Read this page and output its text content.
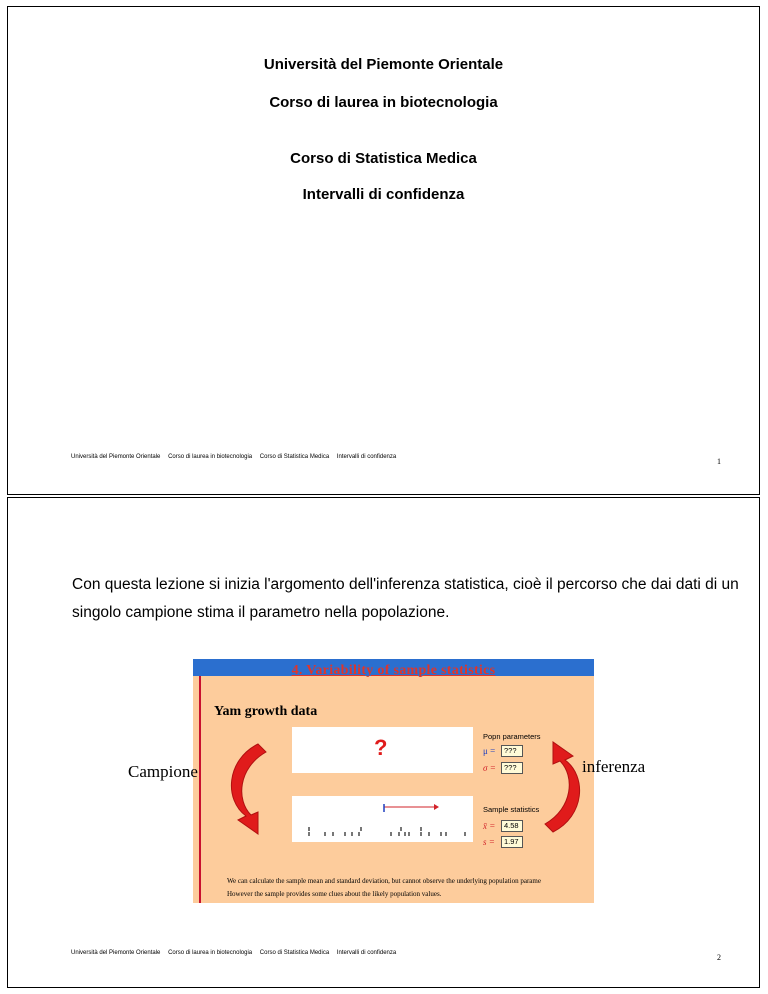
Università del Piemonte Orientale
Corso di laurea in biotecnologia
Corso di Statistica Medica
Intervalli di confidenza
Università del Piemonte Orientale Corso di laurea in biotecnologia Corso di Statistica Medica Intervalli di confidenza	1
Con questa lezione si inizia l'argomento dell'inferenza statistica, cioè il percorso che dai dati di un singolo campione stima il parametro nella popolazione.
4. Variability of sample statistics
Yam growth data
?	Popn parameters
μ =	???
σ =	???
Sample statistics
x̄ =	4.58
s =	1.97
We can calculate the sample mean and standard deviation, but cannot observe the underlying population parame
However the sample provides some clues about the likely population values.
Campione	inferenza
Università del Piemonte Orientale Corso di laurea in biotecnologia Corso di Statistica Medica Intervalli di confidenza	2
